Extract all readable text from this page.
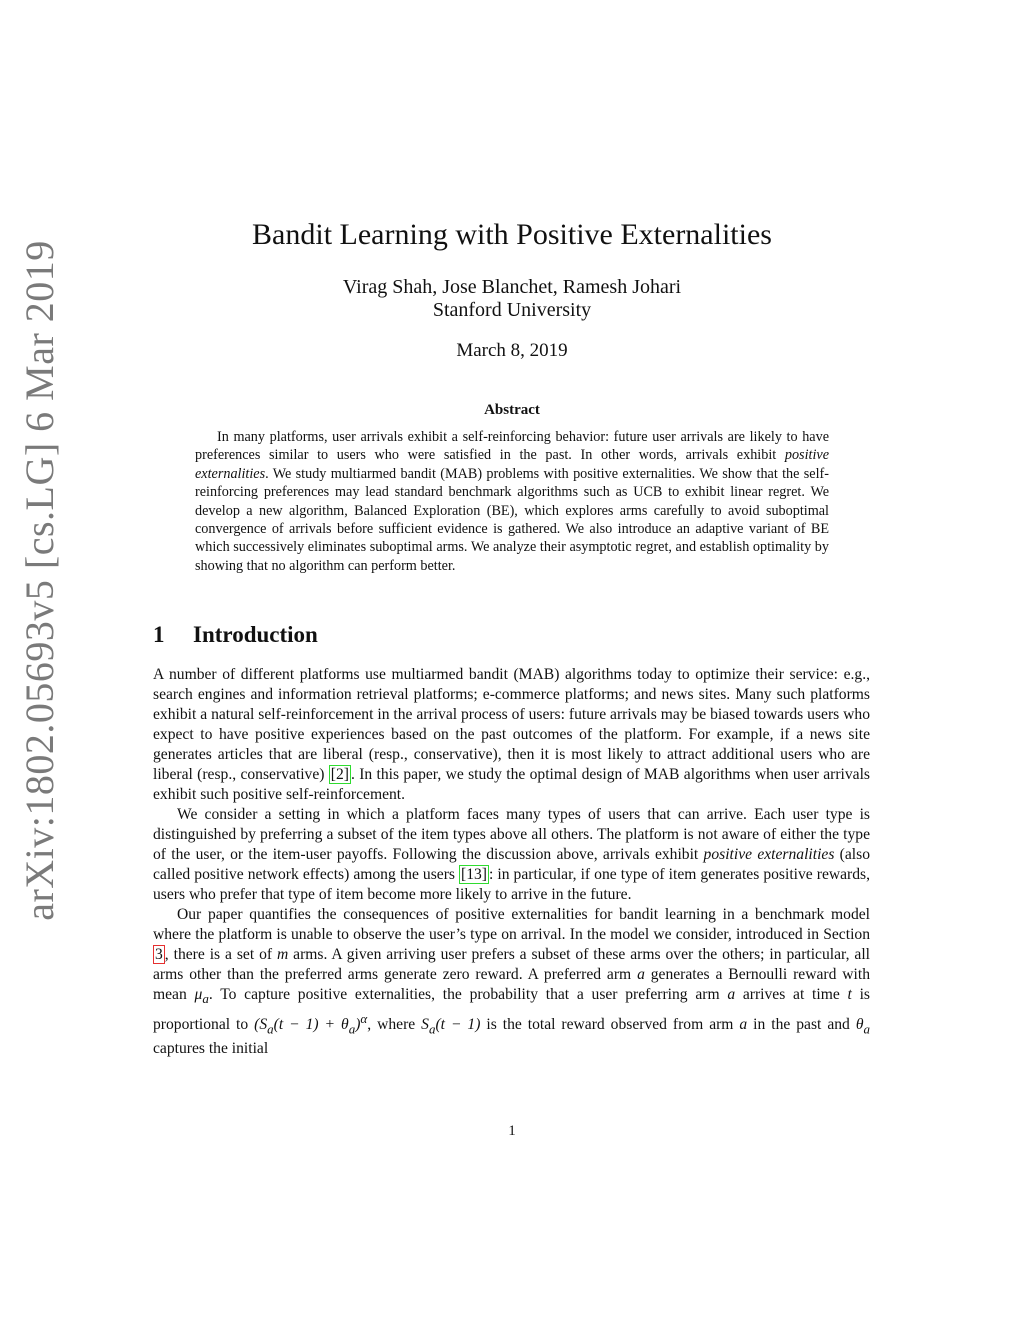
arXiv:1802.05693v5 [cs.LG] 6 Mar 2019
Bandit Learning with Positive Externalities
Virag Shah, Jose Blanchet, Ramesh Johari
Stanford University
March 8, 2019
Abstract

In many platforms, user arrivals exhibit a self-reinforcing behavior: future user arrivals are likely to have preferences similar to users who were satisfied in the past. In other words, arrivals exhibit positive externalities. We study multiarmed bandit (MAB) problems with positive externalities. We show that the self-reinforcing preferences may lead standard benchmark algorithms such as UCB to exhibit linear regret. We develop a new algorithm, Balanced Exploration (BE), which explores arms carefully to avoid suboptimal convergence of arrivals before sufficient evidence is gathered. We also introduce an adaptive variant of BE which successively eliminates suboptimal arms. We analyze their asymptotic regret, and establish optimality by showing that no algorithm can perform better.

1 Introduction

A number of different platforms use multiarmed bandit (MAB) algorithms today to optimize their service: e.g., search engines and information retrieval platforms; e-commerce platforms; and news sites. Many such platforms exhibit a natural self-reinforcement in the arrival process of users: future arrivals may be biased towards users who expect to have positive experiences based on the past outcomes of the platform. For example, if a news site generates articles that are liberal (resp., conservative), then it is most likely to attract additional users who are liberal (resp., conservative) [2] . In this paper, we study the optimal design of MAB algorithms when user arrivals exhibit such positive self-reinforcement.

We consider a setting in which a platform faces many types of users that can arrive. Each user type is distinguished by preferring a subset of the item types above all others. The platform is not aware of either the type of the user, or the item-user payoffs. Following the discussion above, arrivals exhibit positive externalities (also called positive network effects) among the users [13] : in particular, if one type of item generates positive rewards, users who prefer that type of item become more likely to arrive in the future.

Our paper quantifies the consequences of positive externalities for bandit learning in a benchmark model where the platform is unable to observe the user’s type on arrival. In the model we consider, introduced in Section 3 , there is a set of m arms. A given arriving user prefers a subset of these arms over the others; in particular, all arms other than the preferred arms generate zero reward. A preferred arm a generates a Bernoulli reward with mean $\mu_a$. To capture positive externalities, the probability that a user preferring arm a arrives at time t is proportional to $(S_a(t - 1) + \theta_a)^\alpha$, where $S_a(t - 1)$ is the total reward observed from arm a in the past and $\theta_a$ captures the initial

1
